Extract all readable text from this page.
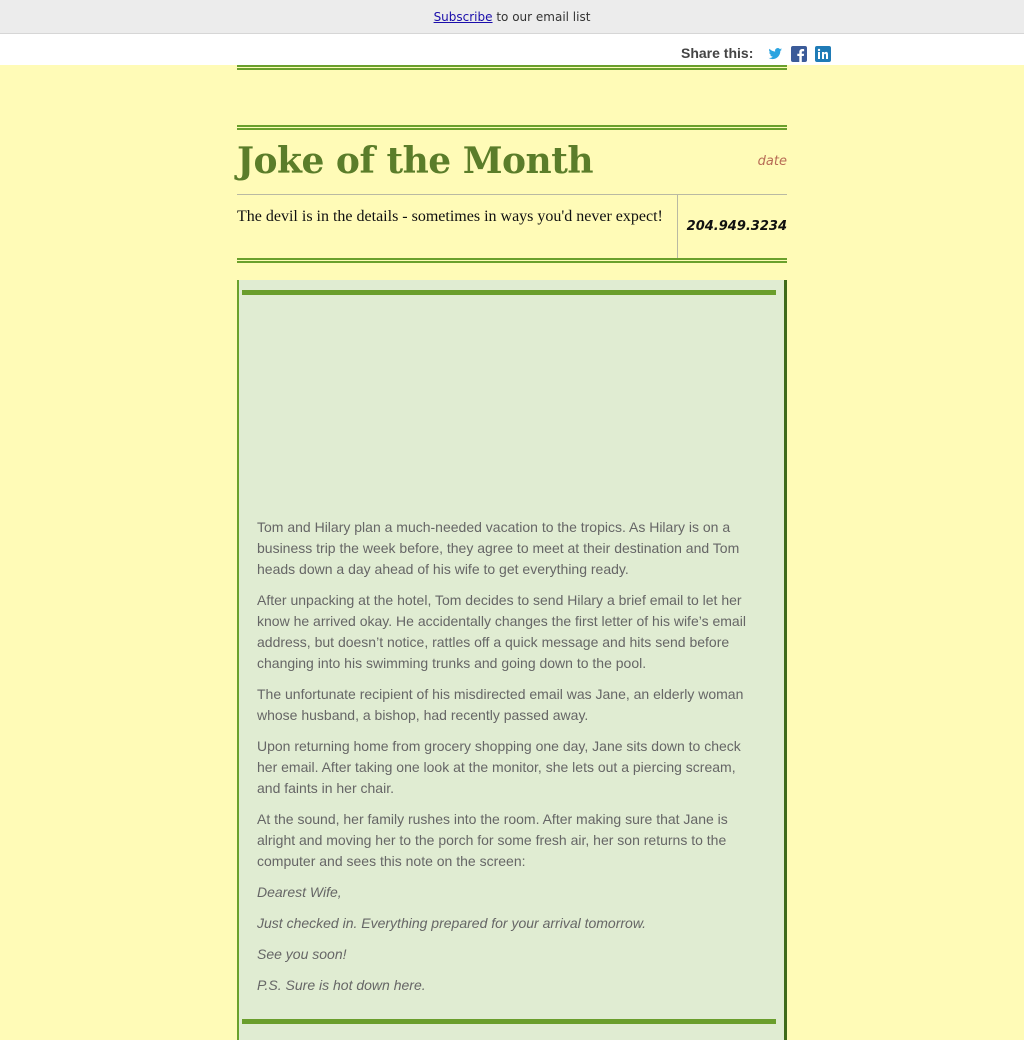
Subscribe to our email list
Share this:
Joke of the Month	date
The devil is in the details - sometimes in ways you'd never expect!
204.949.3234

Tom and Hilary plan a much-needed vacation to the tropics. As Hilary is on a business trip the week before, they agree to meet at their destination and Tom heads down a day ahead of his wife to get everything ready.

After unpacking at the hotel, Tom decides to send Hilary a brief email to let her know he arrived okay. He accidentally changes the first letter of his wife’s email address, but doesn’t notice, rattles off a quick message and hits send before changing into his swimming trunks and going down to the pool.

The unfortunate recipient of his misdirected email was Jane, an elderly woman whose husband, a bishop, had recently passed away.

Upon returning home from grocery shopping one day, Jane sits down to check her email. After taking one look at the monitor, she lets out a piercing scream, and faints in her chair.

At the sound, her family rushes into the room. After making sure that Jane is alright and moving her to the porch for some fresh air, her son returns to the computer and sees this note on the screen:

Dearest Wife,

Just checked in. Everything prepared for your arrival tomorrow.

See you soon!

P.S. Sure is hot down here.
